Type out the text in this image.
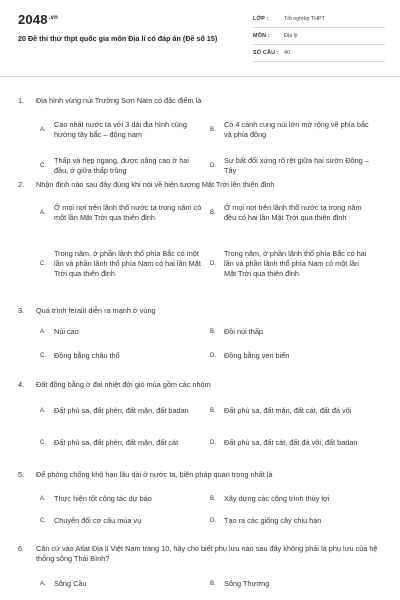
$2048^{.vn}$
20 Đề thi thử thpt quốc gia môn Địa lí có đáp án (Đề số 15)
LỚP :	Tốt nghiệp THPT
MÔN :	Địa lý
SỐ CÂU : 40
1. Địa hình vùng núi Trường Sơn Nam có đặc điểm là
A.
Cao nhất nước ta với 3 dải địa hình cùng hướng tây bắc – đông nam	B.
Có 4 cánh cung núi lớn mở rộng về phía bắc và phía đông
C.
Thấp và hẹp ngang, được nâng cao ở hai đầu, ở giữa thấp trũng	D.
Sự bất đối xứng rõ rệt giữa hai sườn Đông – Tây
2. Nhận định nào sau đây đúng khi nói về hiện tượng Mặt Trời lên thiên đỉnh
A.
Ở mọi nơi trên lãnh thổ nước ta trong năm có một lần Mặt Trời qua thiên đỉnh	B.
Ở mọi nơi trên lãnh thổ nước ta trong năm đều có hai lần Mặt Trời qua thiên đỉnh
C.
Trong năm, ở phần lãnh thổ phía Bắc có một lần và phần lãnh thổ phía Nam có hai lần Mặt Trời qua thiên đỉnh
D.
Trong năm, ở phần lãnh thổ phía Bắc có hai lần và phần lãnh thổ phía Nam có một lần Mặt Trời qua thiên đỉnh
3. Quá trình feralit diễn ra mạnh ở vùng
A.	Núi cao	B.	Đồi núi thấp
C.	Đồng bằng châu thổ	D.	Đồng bằng ven biển
4. Đất đồng bằng ở đai nhiệt đới gió mùa gồm các nhóm
A.	Đất phù sa, đất phèn, đất mặn, đất badan	B.	Đất phù sa, đất mặn, đất cát, đất đá vôi
C.	Đất phù sa, đất phèn, đất mặn, đất cát	D.	Đất phù sa, đất cát, đất đá vôi, đất badan
5. Để phòng chống khô hạn lâu dài ở nước ta, biện pháp quan trọng nhất là
A.	Thực hiện tốt công tác dự báo	B.	Xây dựng các công trình thủy lợi
C.	Chuyển đổi cơ cấu mùa vụ	D.	Tạo ra các giống cây chịu hạn
6. Căn cứ vào Atlat Địa lí Việt Nam trang 10, hãy cho biết phụ lưu nào sau đây không phải là phụ lưu của hệ thống sông Thái Bình?
A.	Sông Cầu	B.	Sông Thương
